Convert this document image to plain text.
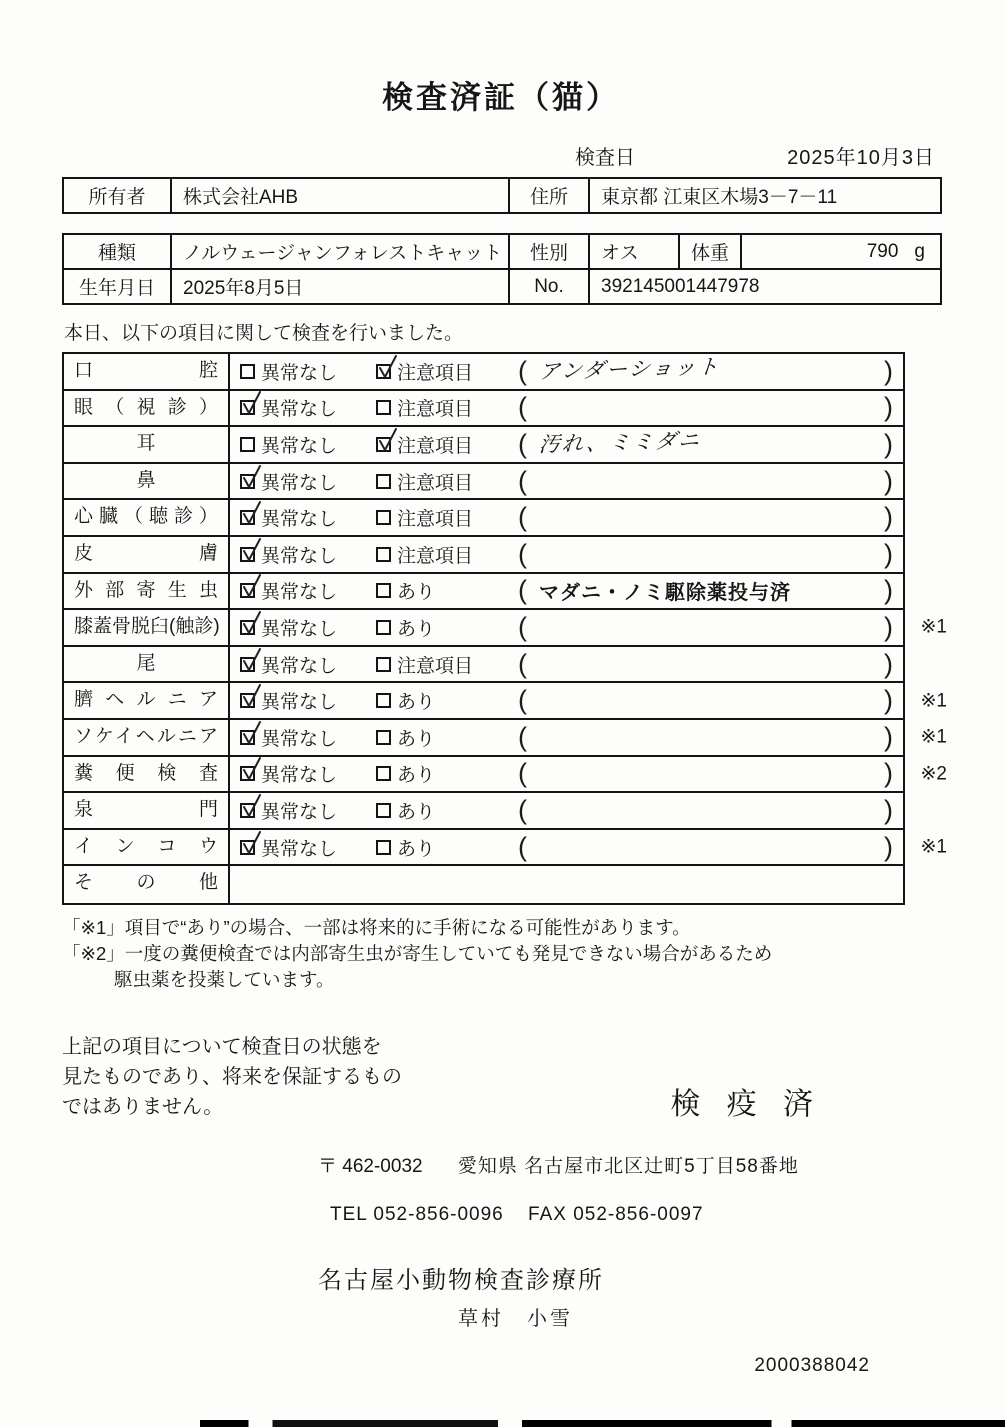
検査済証（猫）
検査日	2025年10月3日
所有者	株式会社AHB	住所	東京都 江東区木場3－7－11
種類	ノルウェージャンフォレストキャット	性別	オス	体重	790 g

生年月日	2025年8月5日	No.	392145001447978		
本日、以下の項目に関して検査を行いました。
口腔	異常なし	注意項目 ( アンダーショット	)
眼（視診）	異常なし	注意項目 (	)
耳	異常なし	注意項目 ( 汚れ、ミミダニ	)
鼻	異常なし	注意項目 (	)
心臓（聴診）	異常なし	注意項目 (	)
皮膚	異常なし	注意項目 (	)
外部寄生虫	異常なし	あり	( マダニ・ノミ駆除薬投与済	)
膝蓋骨脱臼(触診)	異常なし	あり	(	) ※1
尾	異常なし	注意項目 (	)
臍ヘルニア	異常なし	あり	(	) ※1
ソケイヘルニア	異常なし	あり	(	) ※1
糞便検査	異常なし	あり	(	) ※2
泉門	異常なし	あり	(	)
インコウ	異常なし	あり	(	) ※1
その他
「※1」項目で“あり”の場合、一部は将来的に手術になる可能性があります。
「※2」一度の糞便検査では内部寄生虫が寄生していても発見できない場合があるため
駆虫薬を投薬しています。
上記の項目について検査日の状態を
見たものであり、将来を保証するもの
ではありません。	検 疫 済
〒 462-0032 愛知県 名古屋市北区辻町5丁目58番地
TEL 052-856-0096 FAX 052-856-0097
名古屋小動物検査診療所
草村　小雪
2000388042
